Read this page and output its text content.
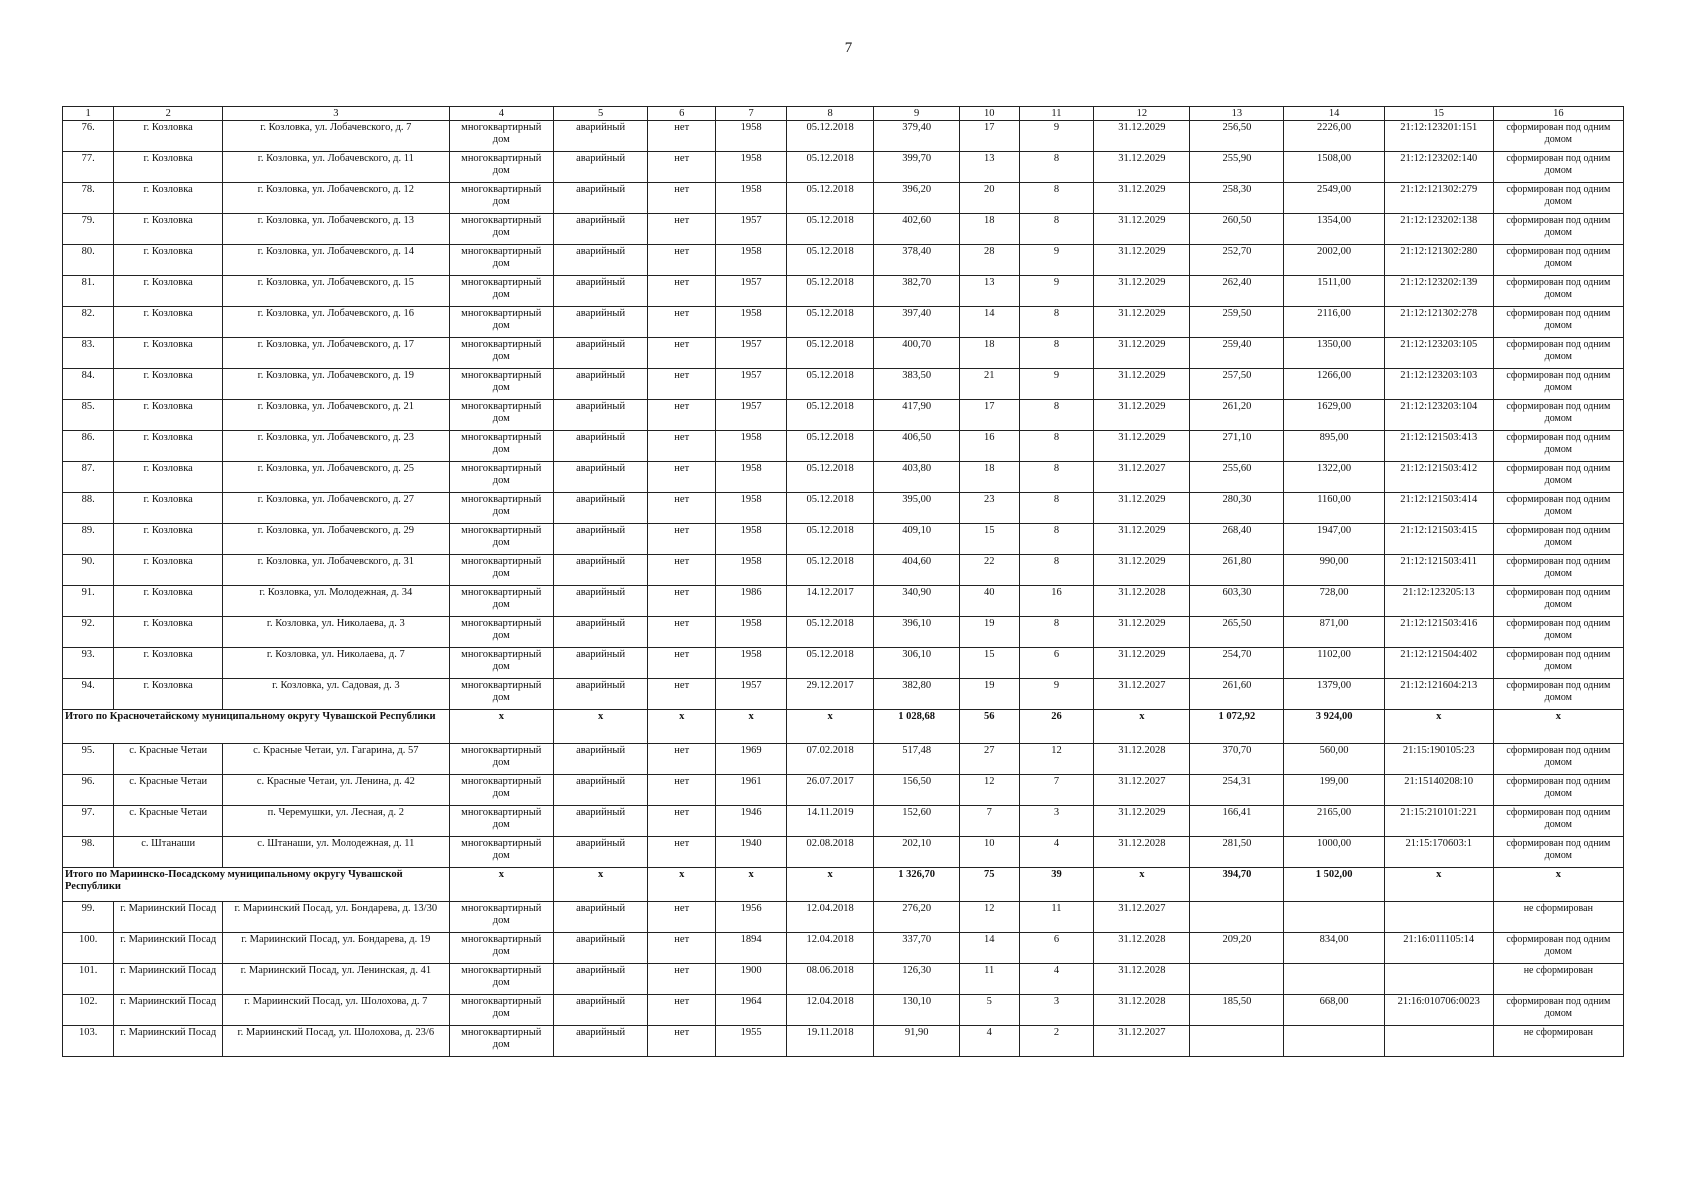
7
1	2	3	4	5	6	7	8	9	10	11	12	13	14	15	16
76.	г. Козловка	г. Козловка, ул. Лобачевского, д. 7	многоквартирный дом	аварийный	нет	1958	05.12.2018	379,40	17	9	31.12.2029	256,50	2226,00	21:12:123201:151	сформирован под одним домом
77.	г. Козловка	г. Козловка, ул. Лобачевского, д. 11	многоквартирный дом	аварийный	нет	1958	05.12.2018	399,70	13	8	31.12.2029	255,90	1508,00	21:12:123202:140	сформирован под одним домом
78.	г. Козловка	г. Козловка, ул. Лобачевского, д. 12	многоквартирный дом	аварийный	нет	1958	05.12.2018	396,20	20	8	31.12.2029	258,30	2549,00	21:12:121302:279	сформирован под одним домом
79.	г. Козловка	г. Козловка, ул. Лобачевского, д. 13	многоквартирный дом	аварийный	нет	1957	05.12.2018	402,60	18	8	31.12.2029	260,50	1354,00	21:12:123202:138	сформирован под одним домом
80.	г. Козловка	г. Козловка, ул. Лобачевского, д. 14	многоквартирный дом	аварийный	нет	1958	05.12.2018	378,40	28	9	31.12.2029	252,70	2002,00	21:12:121302:280	сформирован под одним домом
81.	г. Козловка	г. Козловка, ул. Лобачевского, д. 15	многоквартирный дом	аварийный	нет	1957	05.12.2018	382,70	13	9	31.12.2029	262,40	1511,00	21:12:123202:139	сформирован под одним домом
82.	г. Козловка	г. Козловка, ул. Лобачевского, д. 16	многоквартирный дом	аварийный	нет	1958	05.12.2018	397,40	14	8	31.12.2029	259,50	2116,00	21:12:121302:278	сформирован под одним домом
83.	г. Козловка	г. Козловка, ул. Лобачевского, д. 17	многоквартирный дом	аварийный	нет	1957	05.12.2018	400,70	18	8	31.12.2029	259,40	1350,00	21:12:123203:105	сформирован под одним домом
84.	г. Козловка	г. Козловка, ул. Лобачевского, д. 19	многоквартирный дом	аварийный	нет	1957	05.12.2018	383,50	21	9	31.12.2029	257,50	1266,00	21:12:123203:103	сформирован под одним домом
85.	г. Козловка	г. Козловка, ул. Лобачевского, д. 21	многоквартирный дом	аварийный	нет	1957	05.12.2018	417,90	17	8	31.12.2029	261,20	1629,00	21:12:123203:104	сформирован под одним домом
86.	г. Козловка	г. Козловка, ул. Лобачевского, д. 23	многоквартирный дом	аварийный	нет	1958	05.12.2018	406,50	16	8	31.12.2029	271,10	895,00	21:12:121503:413	сформирован под одним домом
87.	г. Козловка	г. Козловка, ул. Лобачевского, д. 25	многоквартирный дом	аварийный	нет	1958	05.12.2018	403,80	18	8	31.12.2027	255,60	1322,00	21:12:121503:412	сформирован под одним домом
88.	г. Козловка	г. Козловка, ул. Лобачевского, д. 27	многоквартирный дом	аварийный	нет	1958	05.12.2018	395,00	23	8	31.12.2029	280,30	1160,00	21:12:121503:414	сформирован под одним домом
89.	г. Козловка	г. Козловка, ул. Лобачевского, д. 29	многоквартирный дом	аварийный	нет	1958	05.12.2018	409,10	15	8	31.12.2029	268,40	1947,00	21:12:121503:415	сформирован под одним домом
90.	г. Козловка	г. Козловка, ул. Лобачевского, д. 31	многоквартирный дом	аварийный	нет	1958	05.12.2018	404,60	22	8	31.12.2029	261,80	990,00	21:12:121503:411	сформирован под одним домом
91.	г. Козловка	г. Козловка, ул. Молодежная, д. 34	многоквартирный дом	аварийный	нет	1986	14.12.2017	340,90	40	16	31.12.2028	603,30	728,00	21:12:123205:13	сформирован под одним домом
92.	г. Козловка	г. Козловка, ул. Николаева, д. 3	многоквартирный дом	аварийный	нет	1958	05.12.2018	396,10	19	8	31.12.2029	265,50	871,00	21:12:121503:416	сформирован под одним домом
93.	г. Козловка	г. Козловка, ул. Николаева, д. 7	многоквартирный дом	аварийный	нет	1958	05.12.2018	306,10	15	6	31.12.2029	254,70	1102,00	21:12:121504:402	сформирован под одним домом
94.	г. Козловка	г. Козловка, ул. Садовая, д. 3	многоквартирный дом	аварийный	нет	1957	29.12.2017	382,80	19	9	31.12.2027	261,60	1379,00	21:12:121604:213	сформирован под одним домом
Итого по Красночетайскому муниципальному округу Чувашской Республики			x	x	x	x	x	1 028,68	56	26	x	1 072,92	3 924,00	x	x
95.	с. Красные Четаи	с. Красные Четаи, ул. Гагарина, д. 57	многоквартирный дом	аварийный	нет	1969	07.02.2018	517,48	27	12	31.12.2028	370,70	560,00	21:15:190105:23	сформирован под одним домом
96.	с. Красные Четаи	с. Красные Четаи, ул. Ленина, д. 42	многоквартирный дом	аварийный	нет	1961	26.07.2017	156,50	12	7	31.12.2027	254,31	199,00	21:15140208:10	сформирован под одним домом
97.	с. Красные Четаи	п. Черемушки, ул. Лесная, д. 2	многоквартирный дом	аварийный	нет	1946	14.11.2019	152,60	7	3	31.12.2029	166,41	2165,00	21:15:210101:221	сформирован под одним домом
98.	с. Штанаши	с. Штанаши, ул. Молодежная, д. 11	многоквартирный дом	аварийный	нет	1940	02.08.2018	202,10	10	4	31.12.2028	281,50	1000,00	21:15:170603:1	сформирован под одним домом
Итого по Мариинско-Посадскому муниципальному округу Чувашской Республики			x	x	x	x	x	1 326,70	75	39	x	394,70	1 502,00	x	x
99.	г. Мариинский Посад	г. Мариинский Посад, ул. Бондарева, д. 13/30	многоквартирный дом	аварийный	нет	1956	12.04.2018	276,20	12	11	31.12.2027				не сформирован
100.	г. Мариинский Посад	г. Мариинский Посад, ул. Бондарева, д. 19	многоквартирный дом	аварийный	нет	1894	12.04.2018	337,70	14	6	31.12.2028	209,20	834,00	21:16:011105:14	сформирован под одним домом
101.	г. Мариинский Посад	г. Мариинский Посад, ул. Ленинская, д. 41	многоквартирный дом	аварийный	нет	1900	08.06.2018	126,30	11	4	31.12.2028				не сформирован
102.	г. Мариинский Посад	г. Мариинский Посад, ул. Шолохова, д. 7	многоквартирный дом	аварийный	нет	1964	12.04.2018	130,10	5	3	31.12.2028	185,50	668,00	21:16:010706:0023	сформирован под одним домом
103.	г. Мариинский Посад	г. Мариинский Посад, ул. Шолохова, д. 23/6	многоквартирный дом	аварийный	нет	1955	19.11.2018	91,90	4	2	31.12.2027				не сформирован
